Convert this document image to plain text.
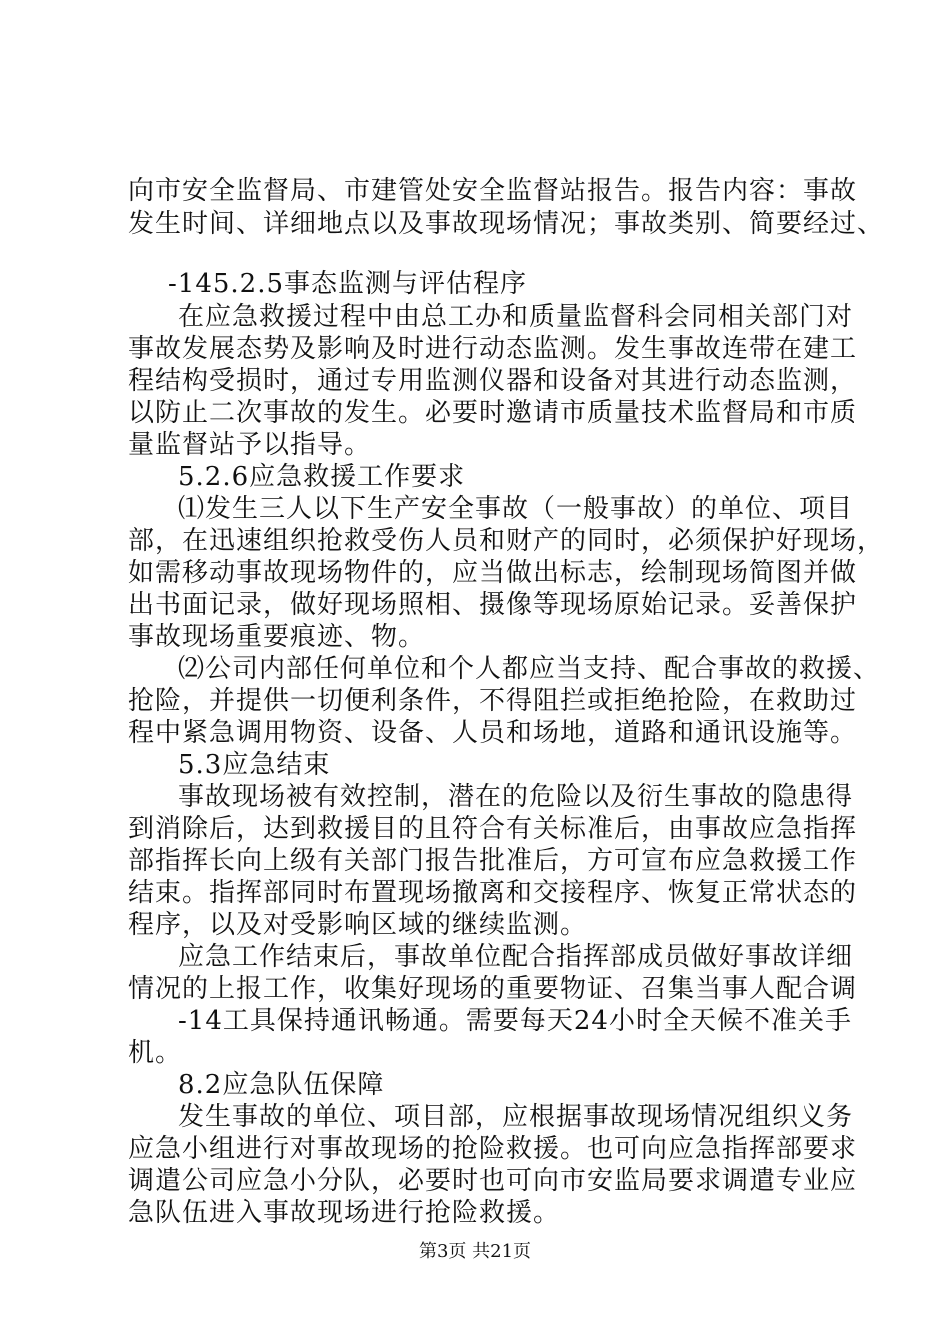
向市安全监督局、市建管处安全监督站报告。报告内容：事故
发生时间、详细地点以及事故现场情况；事故类别、简要经过、
-145.2.5事态监测与评估程序
在应急救援过程中由总工办和质量监督科会同相关部门对
事故发展态势及影响及时进行动态监测。发生事故连带在建工
程结构受损时，通过专用监测仪器和设备对其进行动态监测，
以防止二次事故的发生。必要时邀请市质量技术监督局和市质
量监督站予以指导。
5.2.6应急救援工作要求
⑴发生三人以下生产安全事故（一般事故）的单位、项目
部，在迅速组织抢救受伤人员和财产的同时，必须保护好现场，
如需移动事故现场物件的，应当做出标志，绘制现场简图并做
出书面记录，做好现场照相、摄像等现场原始记录。妥善保护
事故现场重要痕迹、物。
⑵公司内部任何单位和个人都应当支持、配合事故的救援、
抢险，并提供一切便利条件，不得阻拦或拒绝抢险，在救助过
程中紧急调用物资、设备、人员和场地，道路和通讯设施等。
5.3应急结束
事故现场被有效控制，潜在的危险以及衍生事故的隐患得
到消除后，达到救援目的且符合有关标准后，由事故应急指挥
部指挥长向上级有关部门报告批准后，方可宣布应急救援工作
结束。指挥部同时布置现场撤离和交接程序、恢复正常状态的
程序，以及对受影响区域的继续监测。
应急工作结束后，事故单位配合指挥部成员做好事故详细
情况的上报工作，收集好现场的重要物证、召集当事人配合调
-14工具保持通讯畅通。需要每天24小时全天候不准关手
机。
8.2应急队伍保障
发生事故的单位、项目部，应根据事故现场情况组织义务
应急小组进行对事故现场的抢险救援。也可向应急指挥部要求
调遣公司应急小分队，必要时也可向市安监局要求调遣专业应
急队伍进入事故现场进行抢险救援。
第3页 共21页
